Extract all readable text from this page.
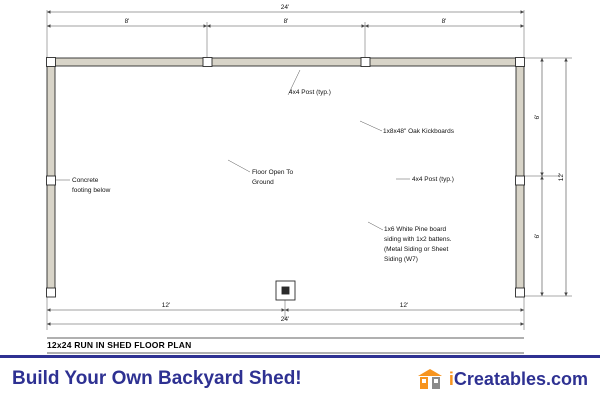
4x4 Post (typ.)
1x8x48" Oak Kickboards
4x4 Post (typ.)
1x6 White Pine board
siding with 1x2 battens.
(Metal Siding or Sheet
Siding (W7)
Concrete
footing below
Floor Open To
Ground
24'
8'	8'	8'
6'
6'
12'
12'	12'
24'
12x24 RUN IN SHED FLOOR PLAN
Build Your Own Backyard Shed!	iCreatables.com
